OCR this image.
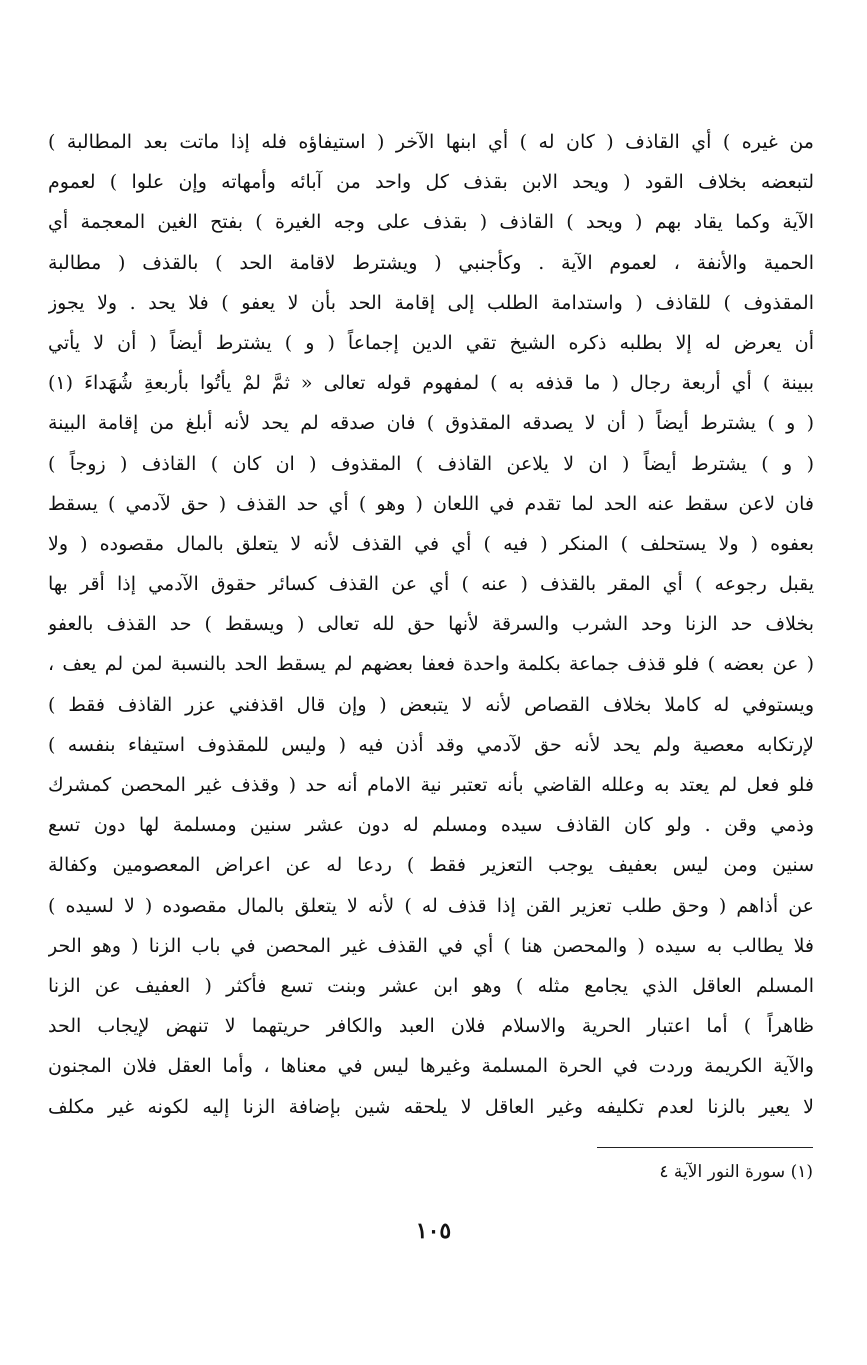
من غيره ) أي القاذف ( كان له ) أي ابنها الآخر ( استيفاؤه فله إذا ماتت بعد المطالبة )
لتبعضه بخلاف القود ( ويحد الابن بقذف كل واحد من آبائه وأمهاته وإن علوا ) لعموم
الآية وكما يقاد بهم ( ويحد ) القاذف ( بقذف على وجه الغيرة ) بفتح الغين المعجمة أي
الحمية والأنفة ، لعموم الآية . وكأجنبي ( ويشترط لاقامة الحد ) بالقذف ( مطالبة
المقذوف ) للقاذف ( واستدامة الطلب إلى إقامة الحد بأن لا يعفو ) فلا يحد . ولا يجوز
أن يعرض له إلا بطلبه ذكره الشيخ تقي الدين إجماعاً ( و ) يشترط أيضاً ( أن لا يأتي
ببينة ) أي أربعة رجال ( ما قذفه به ) لمفهوم قوله تعالى « ثمَّ لمْ يأتُوا بأربعةِ شُهَداءَ (١)
( و ) يشترط أيضاً ( أن لا يصدقه المقذوق ) فان صدقه لم يحد لأنه أبلغ من إقامة البينة
( و ) يشترط أيضاً ( ان لا يلاعن القاذف ) المقذوف ( ان كان ) القاذف ( زوجاً )
فان لاعن سقط عنه الحد لما تقدم في اللعان ( وهو ) أي حد القذف ( حق لآدمي ) يسقط
بعفوه ( ولا يستحلف ) المنكر ( فيه ) أي في القذف لأنه لا يتعلق بالمال مقصوده ( ولا
يقبل رجوعه ) أي المقر بالقذف ( عنه ) أي عن القذف كسائر حقوق الآدمي إذا أقر بها
بخلاف حد الزنا وحد الشرب والسرقة لأنها حق لله تعالى ( ويسقط ) حد القذف بالعفو
( عن بعضه ) فلو قذف جماعة بكلمة واحدة فعفا بعضهم لم يسقط الحد بالنسبة لمن لم يعف ،
ويستوفي له كاملا بخلاف القصاص لأنه لا يتبعض ( وإن قال اقذفني عزر القاذف فقط )
لإرتكابه معصية ولم يحد لأنه حق لآدمي وقد أذن فيه ( وليس للمقذوف استيفاء بنفسه )
فلو فعل لم يعتد به وعلله القاضي بأنه تعتبر نية الامام أنه حد ( وقذف غير المحصن كمشرك
وذمي وقن . ولو كان القاذف سيده ومسلم له دون عشر سنين ومسلمة لها دون تسع
سنين ومن ليس بعفيف يوجب التعزير فقط ) ردعا له عن اعراض المعصومين وكفالة
عن أذاهم ( وحق طلب تعزير القن إذا قذف له ) لأنه لا يتعلق بالمال مقصوده ( لا لسيده )
فلا يطالب به سيده ( والمحصن هنا ) أي في القذف غير المحصن في باب الزنا ( وهو الحر
المسلم العاقل الذي يجامع مثله ) وهو ابن عشر وبنت تسع فأكثر ( العفيف عن الزنا
ظاهراً ) أما اعتبار الحرية والاسلام فلان العبد والكافر حريتهما لا تنهض لإيجاب الحد
والآية الكريمة وردت في الحرة المسلمة وغيرها ليس في معناها ، وأما العقل فلان المجنون
لا يعير بالزنا لعدم تكليفه وغير العاقل لا يلحقه شين بإضافة الزنا إليه لكونه غير مكلف
(١) سورة النور الآية ٤
١٠٥
